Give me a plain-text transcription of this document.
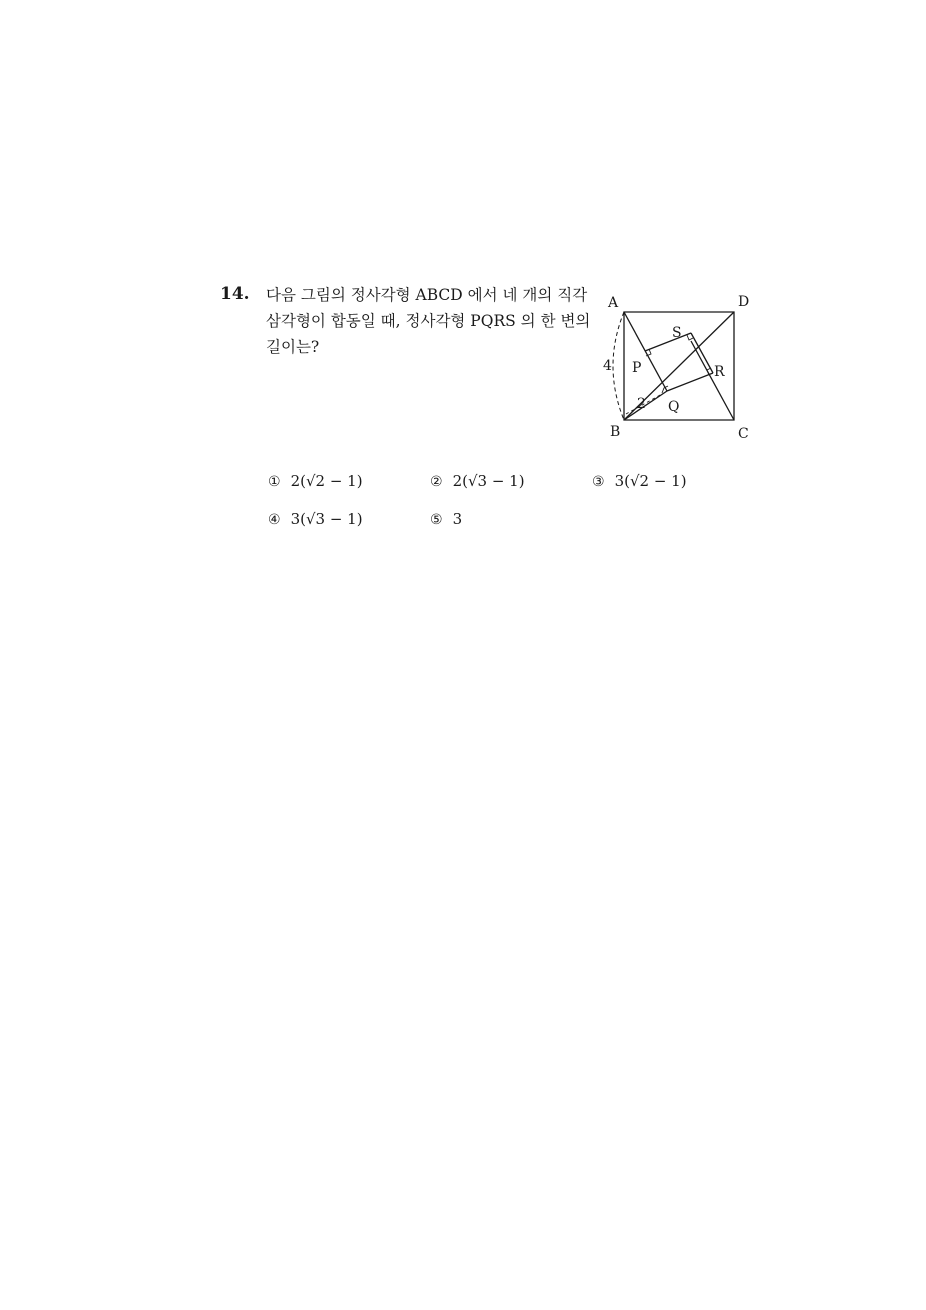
14. 다음 그림의 정사각형 ABCD 에서 네 개의 직각
삼각형이 합동일 때, 정사각형 PQRS 의 한 변의
길이는?
A	D
B	C
P
S
R
Q
4
2
① 2(√2 − 1)	② 2(√3 − 1)	③ 3(√2 − 1)
④ 3(√3 − 1)	⑤ 3
